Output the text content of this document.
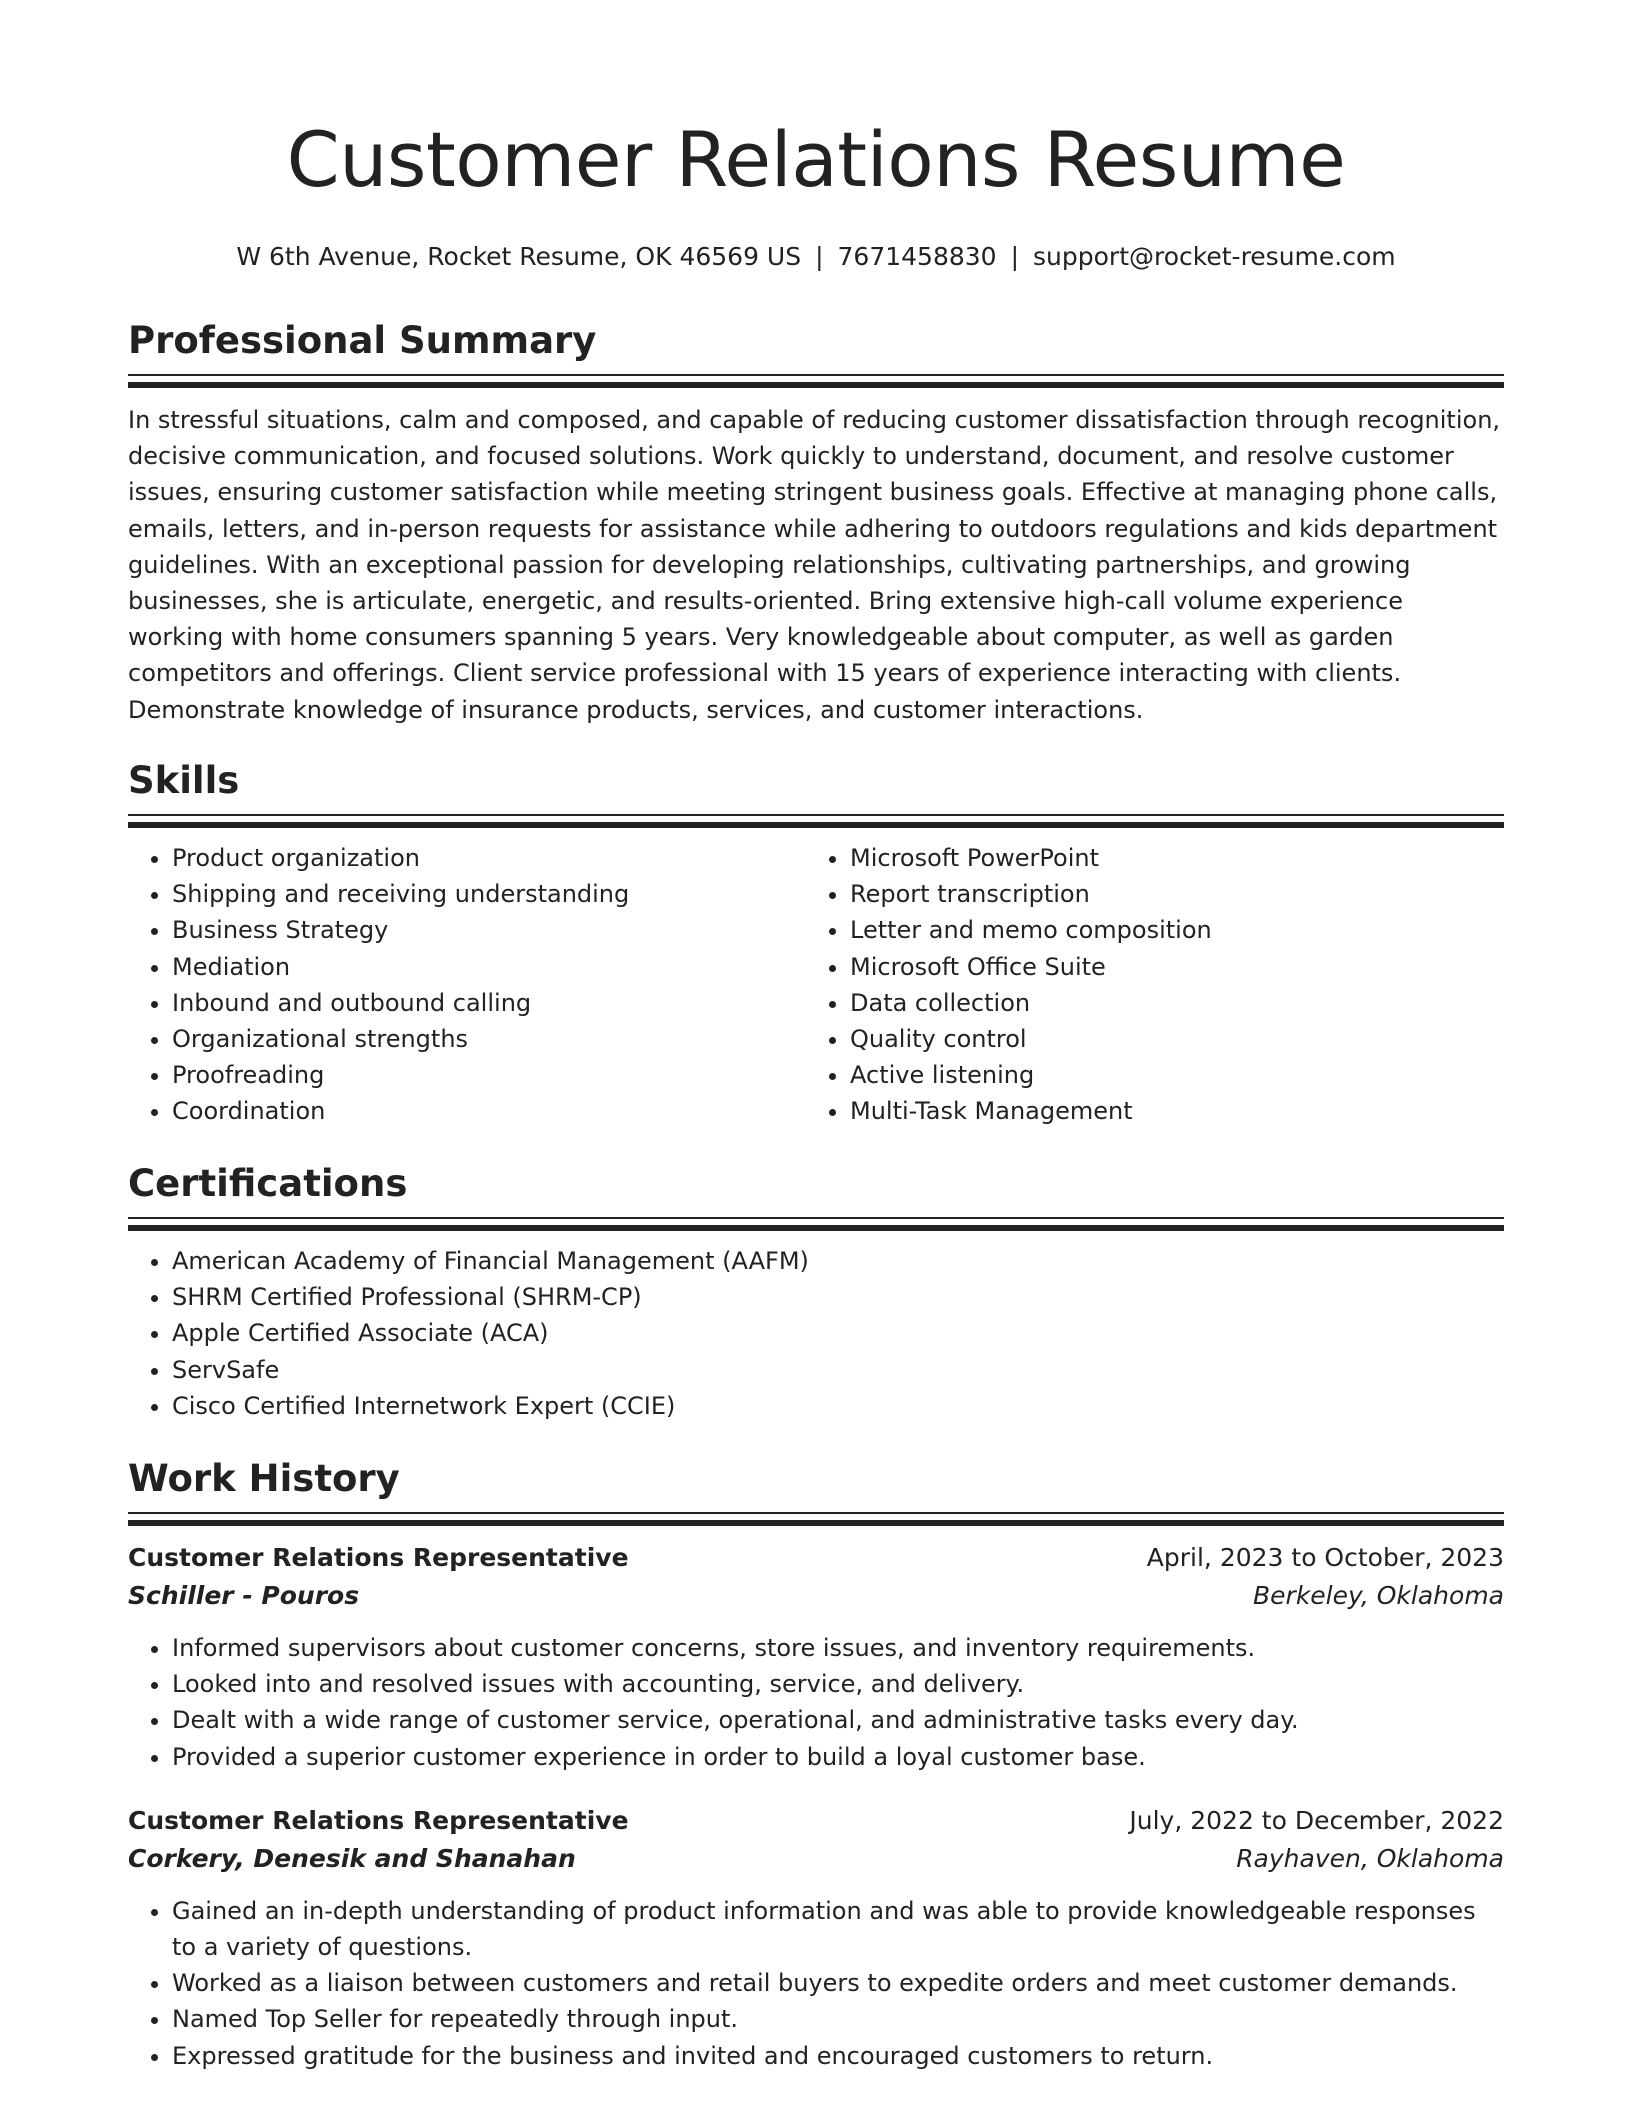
Customer Relations Resume
W 6th Avenue, Rocket Resume, OK 46569 US | 7671458830 | support@rocket-resume.com
Professional Summary

In stressful situations, calm and composed, and capable of reducing customer dissatisfaction through recognition, decisive communication, and focused solutions. Work quickly to understand, document, and resolve customer issues, ensuring customer satisfaction while meeting stringent business goals. Effective at managing phone calls, emails, letters, and in-person requests for assistance while adhering to outdoors regulations and kids department guidelines. With an exceptional passion for developing relationships, cultivating partnerships, and growing businesses, she is articulate, energetic, and results-oriented. Bring extensive high-call volume experience working with home consumers spanning 5 years. Very knowledgeable about computer, as well as garden competitors and offerings. Client service professional with 15 years of experience interacting with clients. Demonstrate knowledge of insurance products, services, and customer interactions.

Skills
• Product organization
• Shipping and receiving understanding
• Business Strategy
• Mediation
• Inbound and outbound calling
• Organizational strengths
• Proofreading
• Coordination
• Microsoft PowerPoint
• Report transcription
• Letter and memo composition
• Microsoft Office Suite
• Data collection
• Quality control
• Active listening
• Multi-Task Management
Certifications
• American Academy of Financial Management (AAFM)
• SHRM Certified Professional (SHRM-CP)
• Apple Certified Associate (ACA)
• ServSafe
• Cisco Certified Internetwork Expert (CCIE)
Work History
Customer Relations Representative	April, 2023 to October, 2023
Schiller - Pouros	Berkeley, Oklahoma
• Informed supervisors about customer concerns, store issues, and inventory requirements.
• Looked into and resolved issues with accounting, service, and delivery.
• Dealt with a wide range of customer service, operational, and administrative tasks every day.
• Provided a superior customer experience in order to build a loyal customer base.
Customer Relations Representative	July, 2022 to December, 2022
Corkery, Denesik and Shanahan	Rayhaven, Oklahoma
• Gained an in-depth understanding of product information and was able to provide knowledgeable responses to a variety of questions.
• Worked as a liaison between customers and retail buyers to expedite orders and meet customer demands.
• Named Top Seller for repeatedly through input.
• Expressed gratitude for the business and invited and encouraged customers to return.
